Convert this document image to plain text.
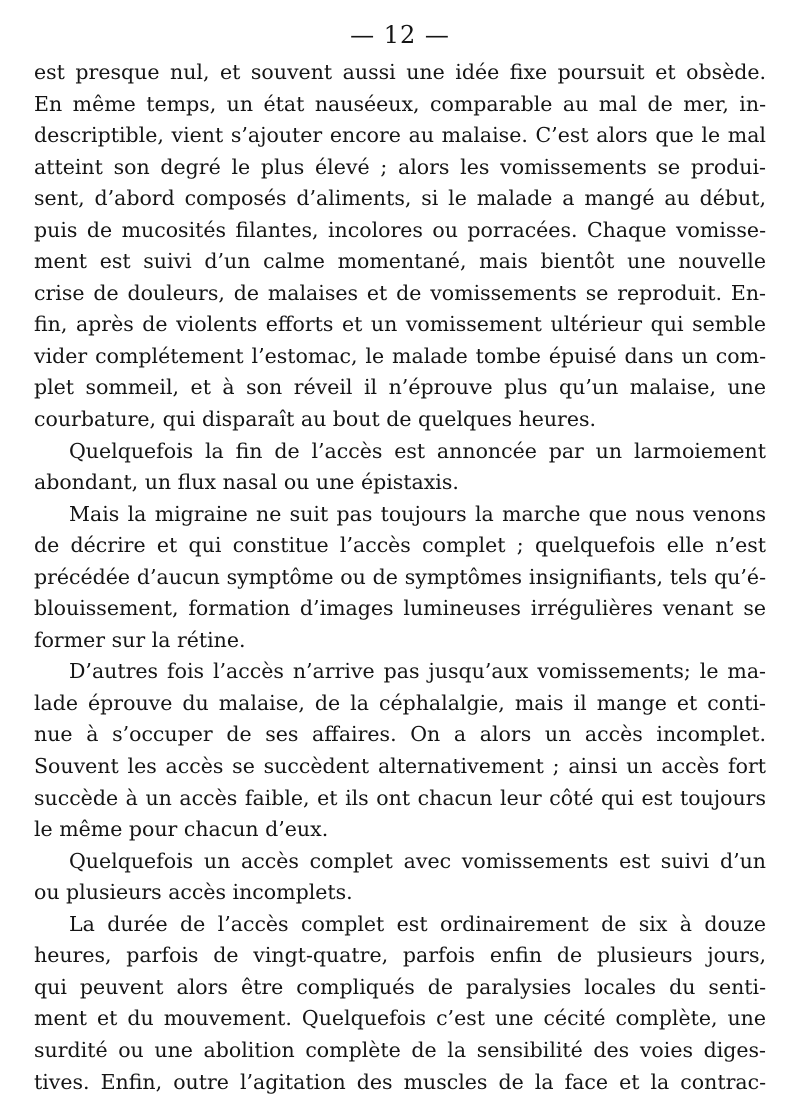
— 12 —
est presque nul, et souvent aussi une idée fixe poursuit et obsède.
En même temps, un état nauséeux, comparable au mal de mer, in-
descriptible, vient s’ajouter encore au malaise. C’est alors que le mal
atteint son degré le plus élevé ; alors les vomissements se produi-
sent, d’abord composés d’aliments, si le malade a mangé au début,
puis de mucosités filantes, incolores ou porracées. Chaque vomisse-
ment est suivi d’un calme momentané, mais bientôt une nouvelle
crise de douleurs, de malaises et de vomissements se reproduit. En-
fin, après de violents efforts et un vomissement ultérieur qui semble
vider complétement l’estomac, le malade tombe épuisé dans un com-
plet sommeil, et à son réveil il n’éprouve plus qu’un malaise, une
courbature, qui disparaît au bout de quelques heures.
Quelquefois la fin de l’accès est annoncée par un larmoiement
abondant, un flux nasal ou une épistaxis.
Mais la migraine ne suit pas toujours la marche que nous venons
de décrire et qui constitue l’accès complet ; quelquefois elle n’est
précédée d’aucun symptôme ou de symptômes insignifiants, tels qu’é-
blouissement, formation d’images lumineuses irrégulières venant se
former sur la rétine.
D’autres fois l’accès n’arrive pas jusqu’aux vomissements; le ma-
lade éprouve du malaise, de la céphalalgie, mais il mange et conti-
nue à s’occuper de ses affaires. On a alors un accès incomplet.
Souvent les accès se succèdent alternativement ; ainsi un accès fort
succède à un accès faible, et ils ont chacun leur côté qui est toujours
le même pour chacun d’eux.
Quelquefois un accès complet avec vomissements est suivi d’un
ou plusieurs accès incomplets.
La durée de l’accès complet est ordinairement de six à douze
heures, parfois de vingt-quatre, parfois enfin de plusieurs jours,
qui peuvent alors être compliqués de paralysies locales du senti-
ment et du mouvement. Quelquefois c’est une cécité complète, une
surdité ou une abolition complète de la sensibilité des voies diges-
tives. Enfin, outre l’agitation des muscles de la face et la contrac-
